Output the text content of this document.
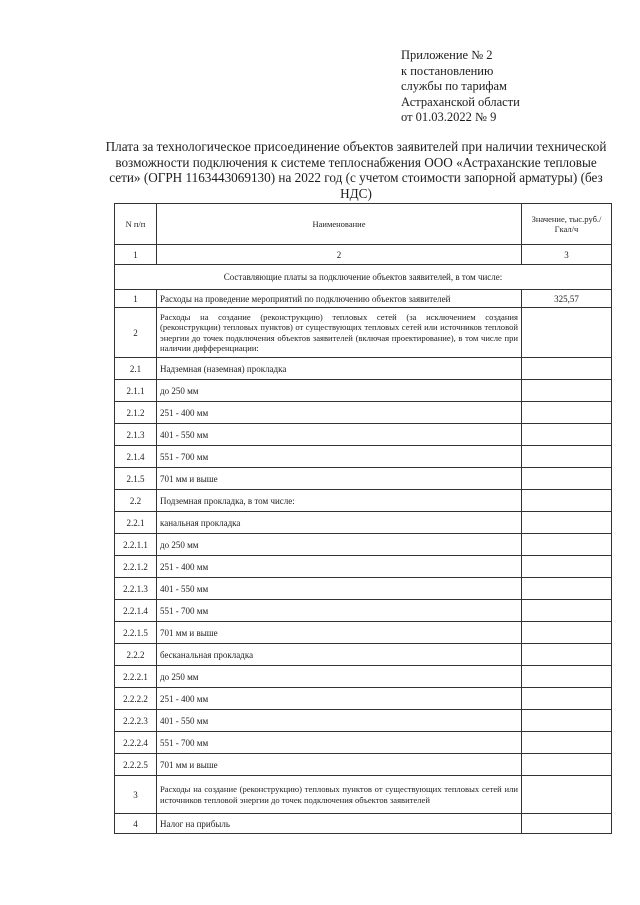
Приложение № 2
к постановлению
службы по тарифам
Астраханской области
от 01.03.2022 № 9
Плата за технологическое присоединение объектов заявителей при наличии технической возможности подключения к системе теплоснабжения ООО «Астраханские тепловые сети» (ОГРН 1163443069130) на 2022 год (с учетом стоимости запорной арматуры) (без НДС)
N п/п	Наименование	Значение, тыс.руб./Гкал/ч
1	2	3
Составляющие платы за подключение объектов заявителей, в том числе:		
1	Расходы на проведение мероприятий по подключению объектов заявителей	325,57
2	Расходы на создание (реконструкцию) тепловых сетей (за исключением создания (реконструкции) тепловых пунктов) от существующих тепловых сетей или источников тепловой энергии до точек подключения объектов заявителей (включая проектирование), в том числе при наличии дифференциации:	
2.1	Надземная (наземная) прокладка	
2.1.1	до 250 мм	
2.1.2	251 - 400 мм	
2.1.3	401 - 550 мм	
2.1.4	551 - 700 мм	
2.1.5	701 мм и выше	
2.2	Подземная прокладка, в том числе:	
2.2.1	канальная прокладка	
2.2.1.1	до 250 мм	
2.2.1.2	251 - 400 мм	
2.2.1.3	401 - 550 мм	
2.2.1.4	551 - 700 мм	
2.2.1.5	701 мм и выше	
2.2.2	бесканальная прокладка	
2.2.2.1	до 250 мм	
2.2.2.2	251 - 400 мм	
2.2.2.3	401 - 550 мм	
2.2.2.4	551 - 700 мм	
2.2.2.5	701 мм и выше	
3	Расходы на создание (реконструкцию) тепловых пунктов от существующих тепловых сетей или источников тепловой энергии до точек подключения объектов заявителей	
4	Налог на прибыль	
